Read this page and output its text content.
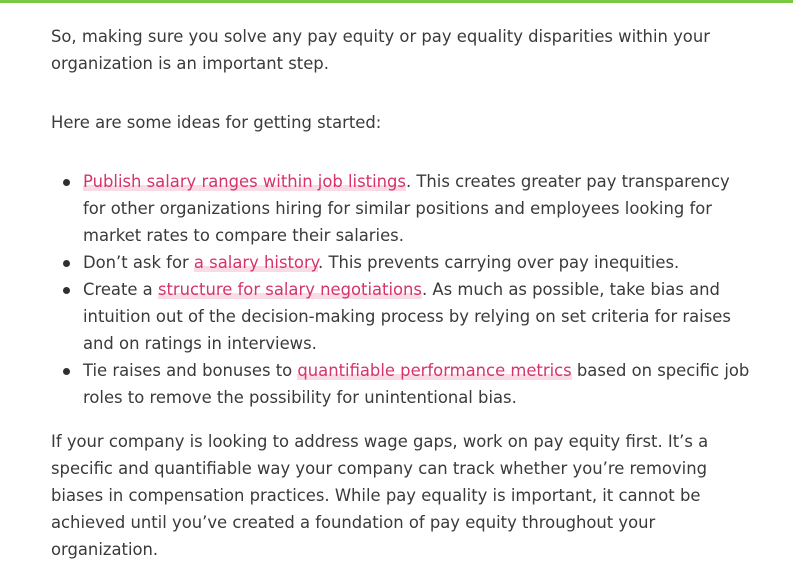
So, making sure you solve any pay equity or pay equality disparities within your organization is an important step.

Here are some ideas for getting started:

Publish salary ranges within job listings. This creates greater pay transparency for other organizations hiring for similar positions and employees looking for market rates to compare their salaries.
Don’t ask for a salary history. This prevents carrying over pay inequities.
Create a structure for salary negotiations. As much as possible, take bias and intuition out of the decision-making process by relying on set criteria for raises and on ratings in interviews.
Tie raises and bonuses to quantifiable performance metrics based on specific job roles to remove the possibility for unintentional bias.

If your company is looking to address wage gaps, work on pay equity first. It’s a specific and quantifiable way your company can track whether you’re removing biases in compensation practices. While pay equality is important, it cannot be achieved until you’ve created a foundation of pay equity throughout your organization.
